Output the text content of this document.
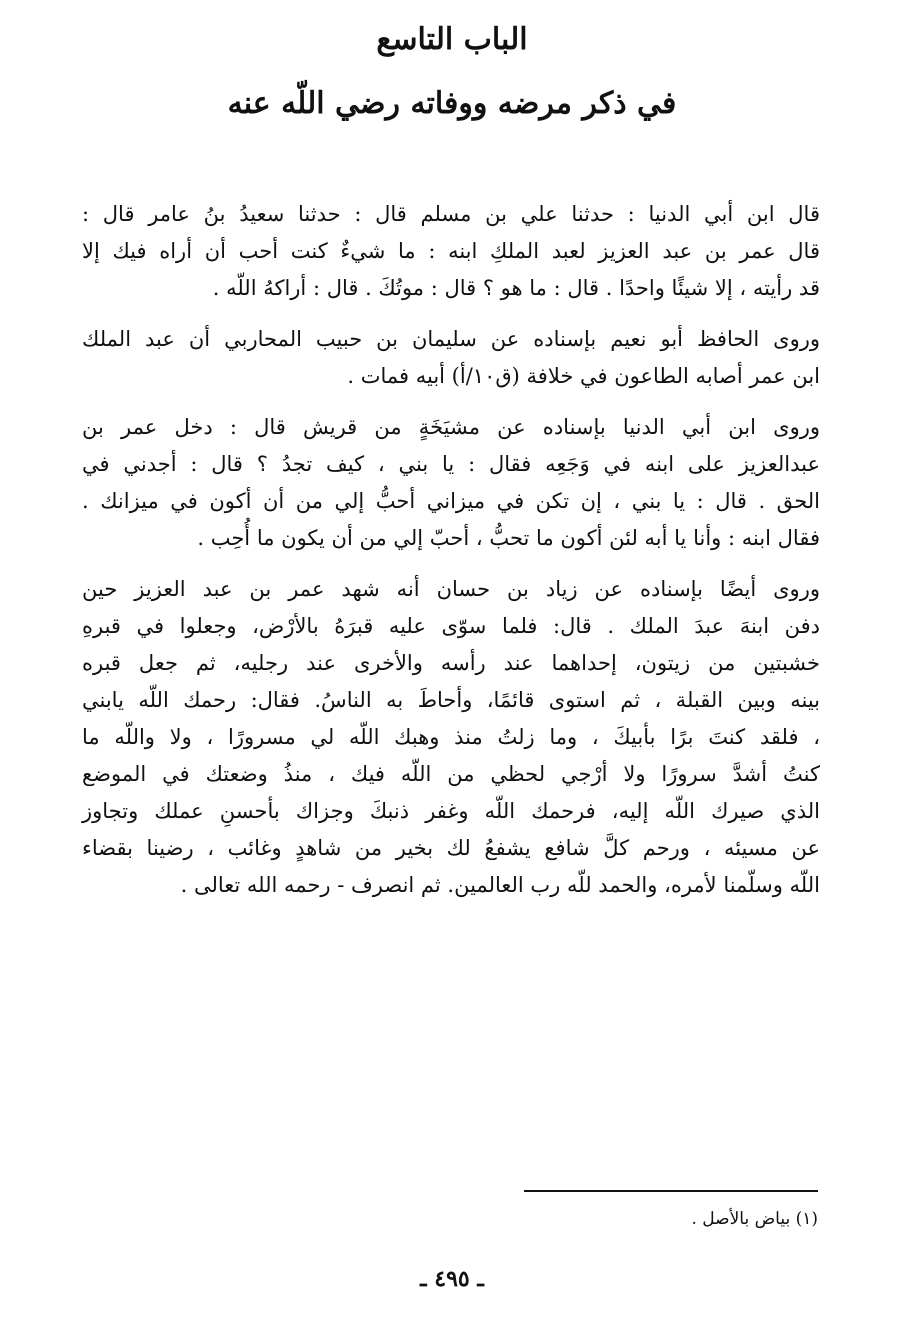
الباب التاسع
في ذكر مرضه ووفاته رضي اللّه عنه

قال ابن أبي الدنيا : حدثنا علي بن مسلم قال : حدثنا سعيدُ بنُ عامر قال :
قال عمر بن عبد العزيز لعبد الملكِ ابنه : ما شيءٌ كنت أحب أن أراه فيك إلا
قد رأيته ، إلا شيئًا واحدًا . قال : ما هو ؟ قال : موتُكَ . قال : أراكهُ اللّه .

وروى الحافظ أبو نعيم بإسناده عن سليمان بن حبيب المحاربي أن عبد الملك
ابن عمر أصابه الطاعون في خلافة (ق١٠/أ) أبيه فمات .

وروى ابن أبي الدنيا بإسناده عن مشيَخَةٍ من قريش قال : دخل عمر بن
عبدالعزيز على ابنه في وَجَعِه فقال : يا بني ، كيف تجدُ ؟ قال : أجدني في
الحق . قال : يا بني ، إن تكن في ميزاني أحبُّ إلي من أن أكون في ميزانك .
فقال ابنه : وأنا يا أبه لئن أكون ما تحبُّ ، أحبّ إلي من أن يكون ما أُحِب .

وروى أيضًا بإسناده عن زياد بن حسان أنه شهد عمر بن عبد العزيز حين
دفن ابنهَ عبدَ الملك . قال: فلما سوّى عليه قبرَهُ بالأرْض، وجعلوا في قبرهِ
خشبتين من زيتون، إحداهما عند رأسه والأخرى عند رجليه، ثم جعل قبره
بينه وبين القبلة ، ثم استوى قائمًا، وأحاطَ به الناسُ. فقال: رحمك اللّه يابني
، فلقد كنتَ برًا بأبيكَ ، وما زلتُ منذ وهبك اللّه لي مسرورًا ، ولا واللّه ما
كنتُ أشدَّ سرورًا ولا أرْجي لحظي من اللّه فيك ، منذُ وضعتك في الموضع
الذي صيرك اللّه إليه، فرحمك اللّه وغفر ذنبكَ وجزاك بأحسنِ عملك وتجاوز
عن مسيئه ، ورحم كلَّ شافع يشفعُ لك بخير من شاهدٍ وغائب ، رضينا بقضاء
اللّه وسلّمنا لأمره، والحمد للّه رب العالمين. ثم انصرف - رحمه الله تعالى .

(١) بياض بالأصل .

ـ ٤٩٥ ـ
